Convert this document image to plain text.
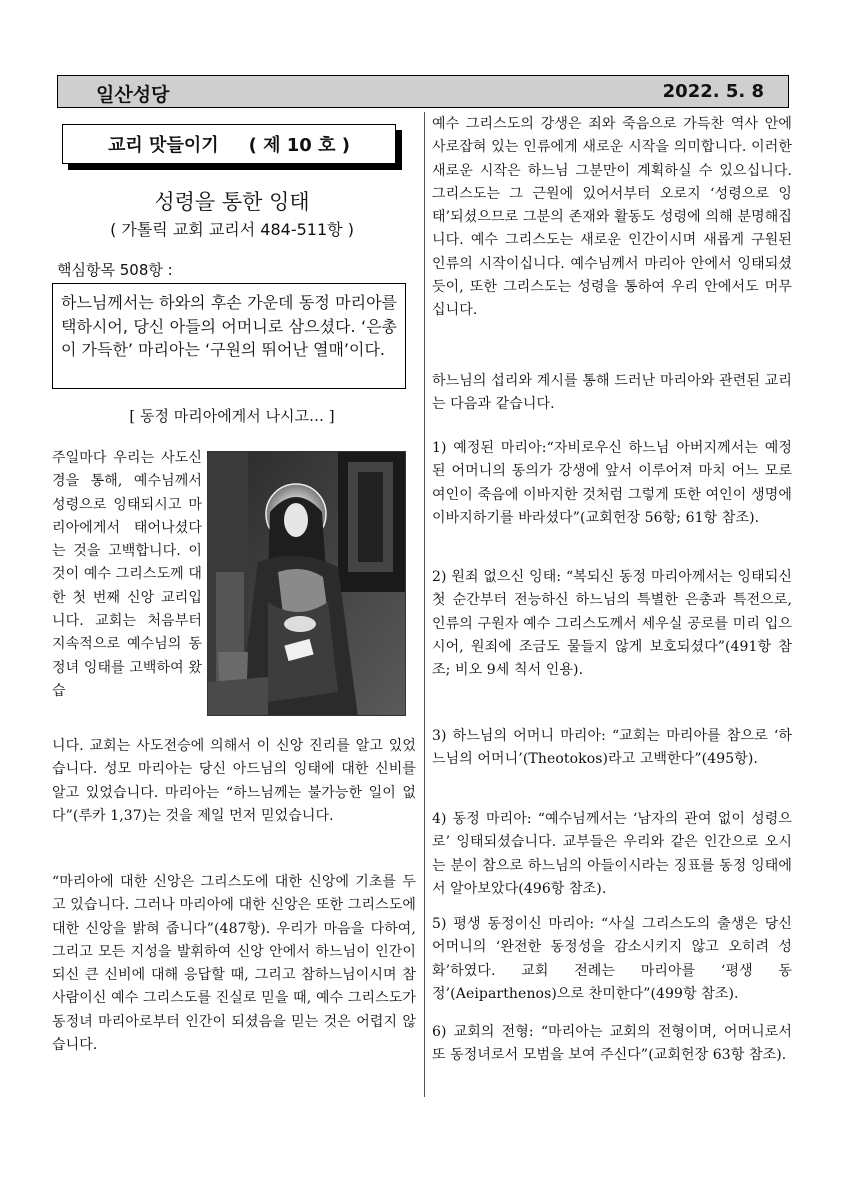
일산성당	2022. 5. 8
교리 맛들이기 ( 제 10 호 )
성령을 통한 잉태
( 가톨릭 교회 교리서 484-511항 )
핵심항목 508항 :
하느님께서는 하와의 후손 가운데 동정 마리아를 택하시어, 당신 아들의 어머니로 삼으셨다. ‘은총이 가득한’ 마리아는 ‘구원의 뛰어난 열매’이다.
[ 동정 마리아에게서 나시고… ]
주일마다 우리는 사도신경을 통해, 예수님께서 성령으로 잉태되시고 마리아에게서 태어나셨다는 것을 고백합니다. 이것이 예수 그리스도께 대한 첫 번째 신앙 교리입니다. 교회는 처음부터 지속적으로 예수님의 동정녀 잉태를 고백하여 왔습
니다. 교회는 사도전승에 의해서 이 신앙 진리를 알고 있었습니다. 성모 마리아는 당신 아드님의 잉태에 대한 신비를 알고 있었습니다. 마리아는 “하느님께는 불가능한 일이 없다”(루카 1,37)는 것을 제일 먼저 믿었습니다.
“마리아에 대한 신앙은 그리스도에 대한 신앙에 기초를 두고 있습니다. 그러나 마리아에 대한 신앙은 또한 그리스도에 대한 신앙을 밝혀 줍니다”(487항). 우리가 마음을 다하여, 그리고 모든 지성을 발휘하여 신앙 안에서 하느님이 인간이 되신 큰 신비에 대해 응답할 때, 그리고 참하느님이시며 참사람이신 예수 그리스도를 진실로 믿을 때, 예수 그리스도가 동정녀 마리아로부터 인간이 되셨음을 믿는 것은 어렵지 않습니다.
예수 그리스도의 강생은 죄와 죽음으로 가득찬 역사 안에 사로잡혀 있는 인류에게 새로운 시작을 의미합니다. 이러한 새로운 시작은 하느님 그분만이 계획하실 수 있으십니다. 그리스도는 그 근원에 있어서부터 오로지 ‘성령으로 잉태’되셨으므로 그분의 존재와 활동도 성령에 의해 분명해집니다. 예수 그리스도는 새로운 인간이시며 새롭게 구원된 인류의 시작이십니다. 예수님께서 마리아 안에서 잉태되셨듯이, 또한 그리스도는 성령을 통하여 우리 안에서도 머무십니다.
하느님의 섭리와 계시를 통해 드러난 마리아와 관련된 교리는 다음과 같습니다.
1) 예정된 마리아:“자비로우신 하느님 아버지께서는 예정된 어머니의 동의가 강생에 앞서 이루어져 마치 어느 모로 여인이 죽음에 이바지한 것처럼 그렇게 또한 여인이 생명에 이바지하기를 바라셨다”(교회헌장 56항; 61항 참조).
2) 원죄 없으신 잉태: “복되신 동정 마리아께서는 잉태되신 첫 순간부터 전능하신 하느님의 특별한 은총과 특전으로, 인류의 구원자 예수 그리스도께서 세우실 공로를 미리 입으시어, 원죄에 조금도 물들지 않게 보호되셨다”(491항 참조; 비오 9세 칙서 인용).
3) 하느님의 어머니 마리아: “교회는 마리아를 참으로 ‘하느님의 어머니’(Theotokos)라고 고백한다”(495항).
4) 동정 마리아: “예수님께서는 ‘남자의 관여 없이 성령으로’ 잉태되셨습니다. 교부들은 우리와 같은 인간으로 오시는 분이 참으로 하느님의 아들이시라는 징표를 동정 잉태에서 알아보았다(496항 참조).
5) 평생 동정이신 마리아: “사실 그리스도의 출생은 당신 어머니의 ‘완전한 동정성을 감소시키지 않고 오히려 성화’하였다. 교회 전례는 마리아를 ‘평생 동정’(Aeiparthenos)으로 찬미한다”(499항 참조).
6) 교회의 전형: “마리아는 교회의 전형이며, 어머니로서 또 동정녀로서 모범을 보여 주신다”(교회헌장 63항 참조).
